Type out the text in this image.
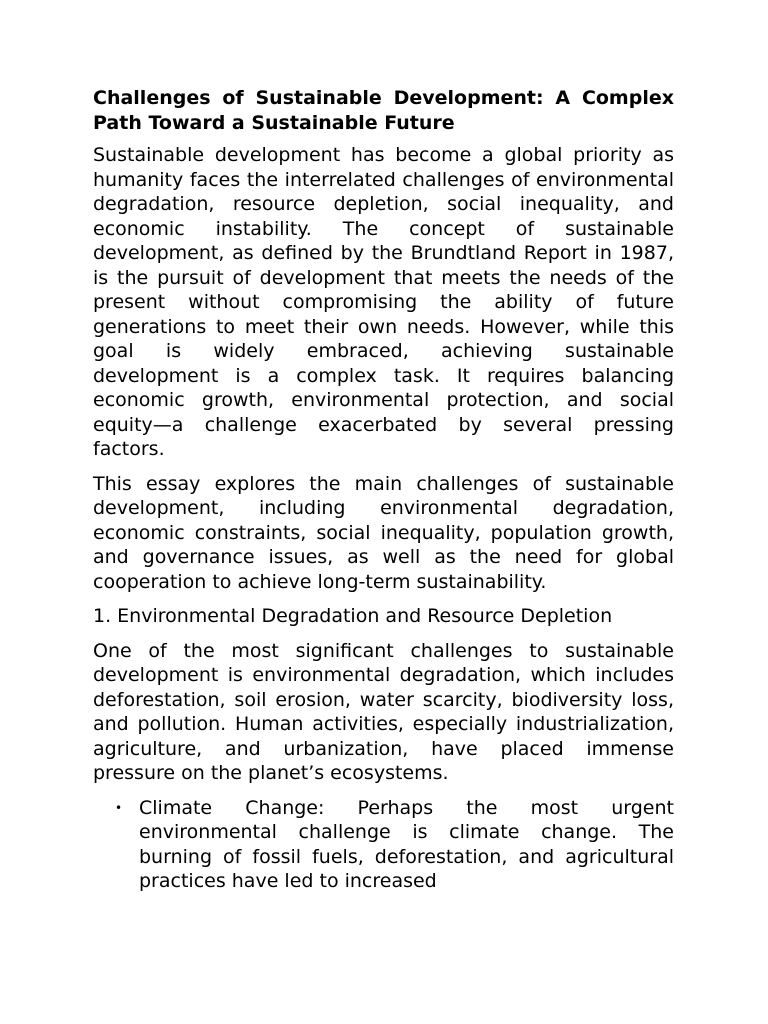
Challenges of Sustainable Development: A Complex Path Toward a Sustainable Future

Sustainable development has become a global priority as humanity faces the interrelated challenges of environmental degradation, resource depletion, social inequality, and economic instability. The concept of sustainable development, as defined by the Brundtland Report in 1987, is the pursuit of development that meets the needs of the present without compromising the ability of future generations to meet their own needs. However, while this goal is widely embraced, achieving sustainable development is a complex task. It requires balancing economic growth, environmental protection, and social equity—a challenge exacerbated by several pressing factors.

This essay explores the main challenges of sustainable development, including environmental degradation, economic constraints, social inequality, population growth, and governance issues, as well as the need for global cooperation to achieve long-term sustainability.

1. Environmental Degradation and Resource Depletion

One of the most significant challenges to sustainable development is environmental degradation, which includes deforestation, soil erosion, water scarcity, biodiversity loss, and pollution. Human activities, especially industrialization, agriculture, and urbanization, have placed immense pressure on the planet’s ecosystems.

• Climate Change: Perhaps the most urgent environmental challenge is climate change. The burning of fossil fuels, deforestation, and agricultural practices have led to increased
